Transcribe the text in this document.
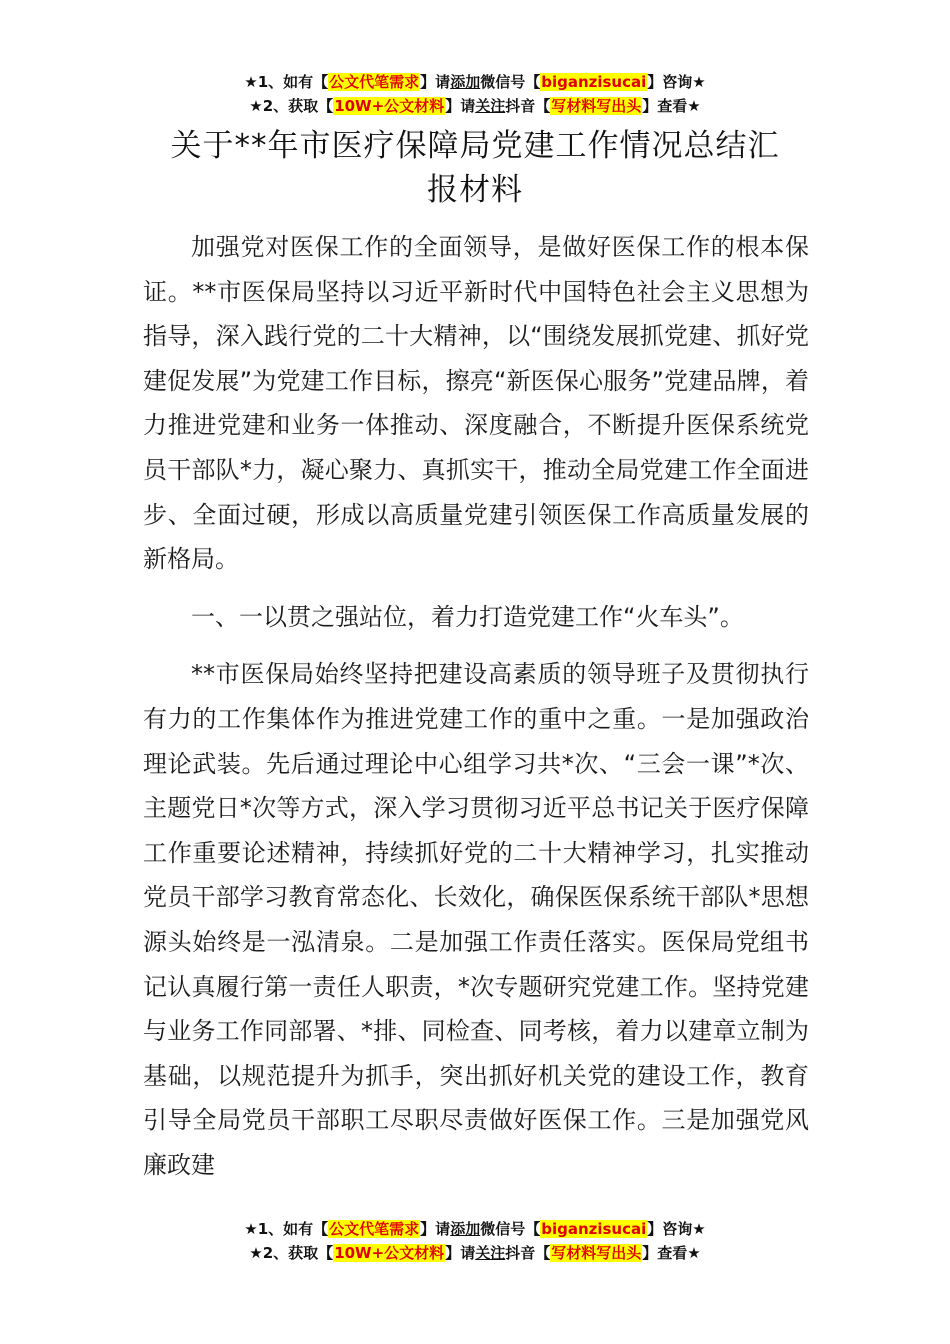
★1、如有【公文代笔需求】请添加微信号【biganzisucai】咨询★
★2、获取【10W+公文材料】请关注抖音【写材料写出头】查看★
关于**年市医疗保障局党建工作情况总结汇
报材料

加强党对医保工作的全面领导，是做好医保工作的根本保证。**市医保局坚持以习近平新时代中国特色社会主义思想为指导，深入践行党的二十大精神，以“围绕发展抓党建、抓好党建促发展”为党建工作目标，擦亮“新医保心服务”党建品牌，着力推进党建和业务一体推动、深度融合，不断提升医保系统党员干部队*力，凝心聚力、真抓实干，推动全局党建工作全面进步、全面过硬，形成以高质量党建引领医保工作高质量发展的新格局。

一、一以贯之强站位，着力打造党建工作“火车头”。

**市医保局始终坚持把建设高素质的领导班子及贯彻执行有力的工作集体作为推进党建工作的重中之重。一是加强政治理论武装。先后通过理论中心组学习共*次、“三会一课”*次、主题党日*次等方式，深入学习贯彻习近平总书记关于医疗保障工作重要论述精神，持续抓好党的二十大精神学习，扎实推动党员干部学习教育常态化、长效化，确保医保系统干部队*思想源头始终是一泓清泉。二是加强工作责任落实。医保局党组书记认真履行第一责任人职责，*次专题研究党建工作。坚持党建与业务工作同部署、*排、同检查、同考核，着力以建章立制为基础，以规范提升为抓手，突出抓好机关党的建设工作，教育引导全局党员干部职工尽职尽责做好医保工作。三是加强党风廉政建

★1、如有【公文代笔需求】请添加微信号【biganzisucai】咨询★
★2、获取【10W+公文材料】请关注抖音【写材料写出头】查看★
